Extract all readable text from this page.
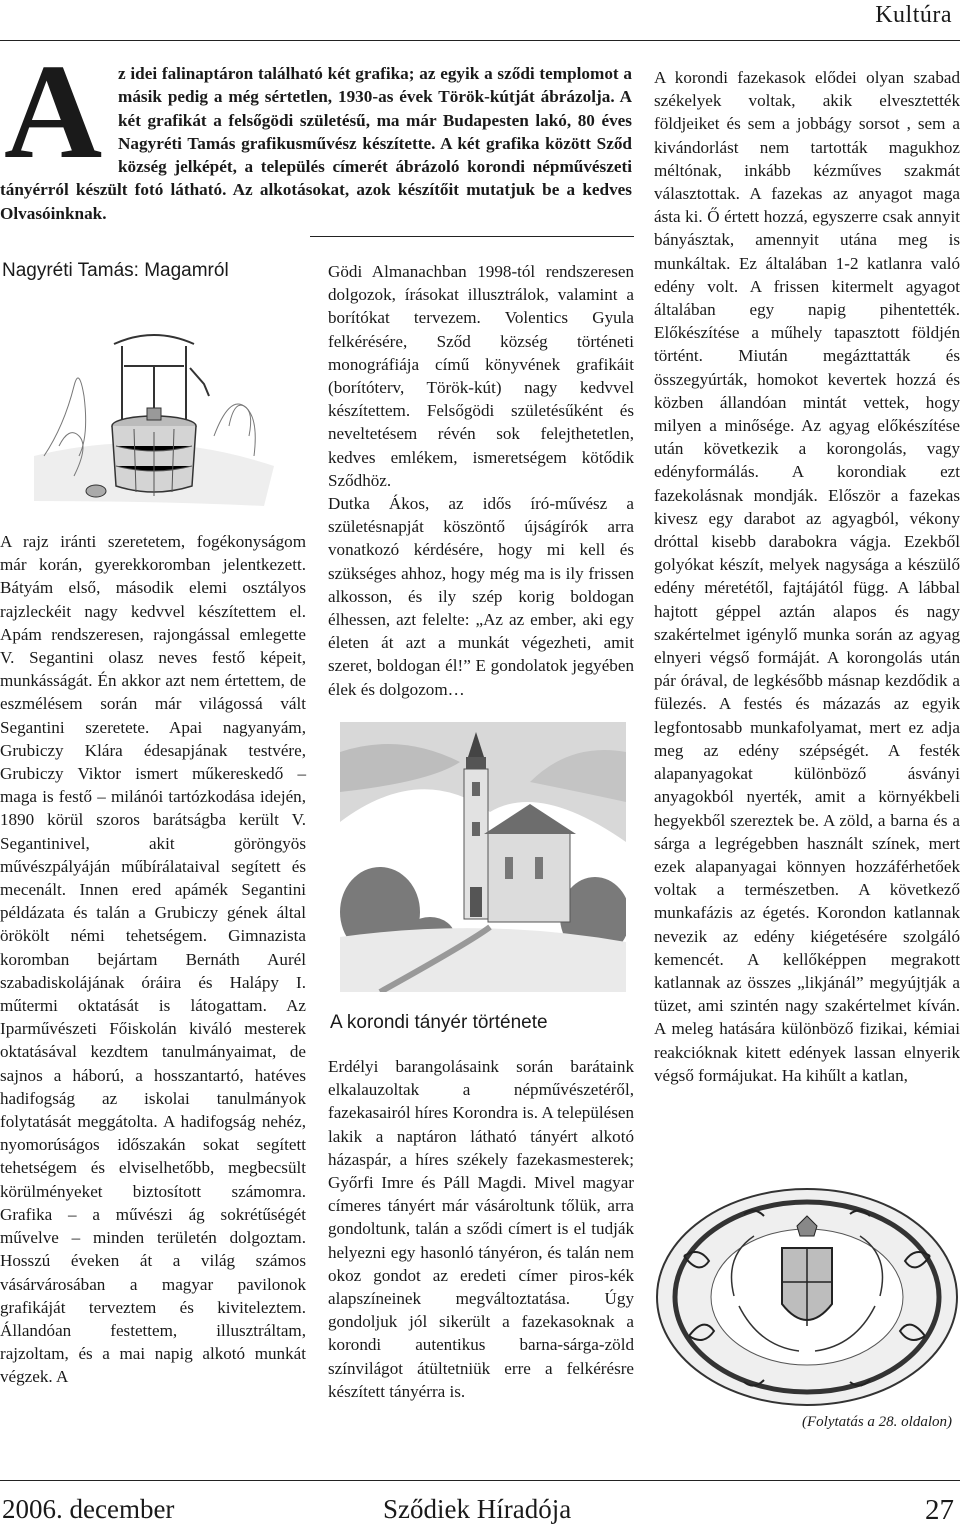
Kultúra
A z idei falinaptáron található két grafika; az egyik a sződi templomot a másik pedig a még sértetlen, 1930-as évek Török-kútját ábrázolja. A két grafikát a felsőgödi születésű, ma már Budapesten lakó, 80 éves Nagyréti Tamás grafikusművész készítette. A két grafika között Sződ község jelképét, a település címerét ábrázoló korondi népművészeti tányérról készült fotó látható. Az alkotásokat, azok készítőit mutatjuk be a kedves Olvasóinknak.

Nagyréti Tamás: Magamról

A rajz iránti szeretetem, fogékonyságom már korán, gyerekkoromban jelentkezett. Bátyám első, második elemi osztályos rajzleckéit nagy kedvvel készítettem el. Apám rendszeresen, rajongással emlegette V. Segantini olasz neves festő képeit, munkásságát. Én akkor azt nem értettem, de eszmélésem során már világossá vált Segantini szeretete. Apai nagyanyám, Grubiczy Klára édesapjának testvére, Grubiczy Viktor ismert műkereskedő – maga is festő – milánói tartózkodása idején, 1890 körül szoros barátságba került V. Segantinivel, akit göröngyös művészpályáján műbírálataival segített és mecenált. Innen ered apámék Segantini példázata és talán a Grubiczy gének által örökölt némi tehetségem. Gimnazista koromban bejártam Bernáth Aurél szabadiskolájának óráira és Halápy I. műtermi oktatását is látogattam. Az Iparművészeti Főiskolán kiváló mesterek oktatásával kezdtem tanulmányaimat, de sajnos a háború, a hosszantartó, hatéves hadifogság az iskolai tanulmányok folytatását meggátolta. A hadifogság nehéz, nyomorúságos időszakán sokat segített tehetségem és elviselhetőbb, megbecsült körülményeket biztosított számomra. Grafika – a művészi ág sokrétűségét művelve – minden területén dolgoztam. Hosszú éveken át a világ számos vásárvárosában a magyar pavilonok grafikáját terveztem és kiviteleztem. Állandóan festettem, illusztráltam, rajzoltam, és a mai napig alkotó munkát végzek. A

Gödi Almanachban 1998-tól rendszeresen dolgozok, írásokat illusztrálok, valamint a borítókat tervezem. Volentics Gyula felkérésére, Sződ község történeti monográfiája című könyvének grafikáit (borítóterv, Török-kút) nagy kedvvel készítettem. Felsőgödi születésűként és neveltetésem révén sok felejthetetlen, kedves emlékem, ismeretségem kötődik Sződhöz.

Dutka Ákos, az idős író-művész a születésnapját köszöntő újságírók arra vonatkozó kérdésére, hogy mi kell és szükséges ahhoz, hogy még ma is ily frissen alkosson, és ily szép korig boldogan élhessen, azt felelte: „Az az ember, aki egy életen át azt a munkát végezheti, amit szeret, boldogan él!” E gondolatok jegyében élek és dolgozom…

A korondi tányér története

Erdélyi barangolásaink során barátaink elkalauzoltak a népművészetéről, fazekasairól híres Korondra is. A településen lakik a naptáron látható tányért alkotó házaspár, a híres székely fazekasmesterek; Győrfi Imre és Páll Magdi. Mivel magyar címeres tányért már vásároltunk tőlük, arra gondoltunk, talán a sződi címert is el tudják helyezni egy hasonló tányéron, és talán nem okoz gondot az eredeti címer piros-kék alapszíneinek megváltoztatása. Úgy gondoljuk jól sikerült a fazekasoknak a korondi autentikus barna-sárga-zöld színvilágot átültetniük erre a felkérésre készített tányérra is.

A korondi fazekasok elődei olyan szabad székelyek voltak, akik elvesztették földjeiket és sem a jobbágy sorsot , sem a kivándorlást nem tartották magukhoz méltónak, inkább kézműves szakmát választottak. A fazekas az anyagot maga ásta ki. Ő értett hozzá, egyszerre csak annyit bányásztak, amennyit utána meg is munkáltak. Ez általában 1-2 katlanra való edény volt. A frissen kitermelt agyagot általában egy napig pihentették. Előkészítése a műhely tapasztott földjén történt. Miután megázttatták és összegyúrták, homokot kevertek hozzá és közben állandóan mintát vettek, hogy milyen a minősége. Az agyag előkészítése után következik a korongolás, vagy edényformálás. A korondiak ezt fazekolásnak mondják. Először a fazekas kivesz egy darabot az agyagból, vékony dróttal kisebb darabokra vágja. Ezekből golyókat készít, melyek nagysága a készülő edény méretétől, fajtájától függ. A lábbal hajtott géppel aztán alapos és nagy szakértelmet igénylő munka során az agyag elnyeri végső formáját. A korongolás után pár órával, de legkésőbb másnap kezdődik a fülezés. A festés és mázazás az egyik legfontosabb munkafolyamat, mert ez adja meg az edény szépségét. A festék alapanyagokat különböző ásványi anyagokból nyerték, amit a környékbeli hegyekből szereztek be. A zöld, a barna és a sárga a legrégebben használt színek, mert ezek alapanyagai könnyen hozzáférhetőek voltak a természetben. A következő munkafázis az égetés. Korondon katlannak nevezik az edény kiégetésére szolgáló kemencét. A kellőképpen megrakott katlannak az összes „likjánál” megyújtják a tüzet, ami szintén nagy szakértelmet kíván. A meleg hatására különböző fizikai, kémiai reakcióknak kitett edények lassan elnyerik végső formájukat. Ha kihűlt a katlan,

(Folytatás a 28. oldalon)
2006. december	Sződiek Híradója	27
